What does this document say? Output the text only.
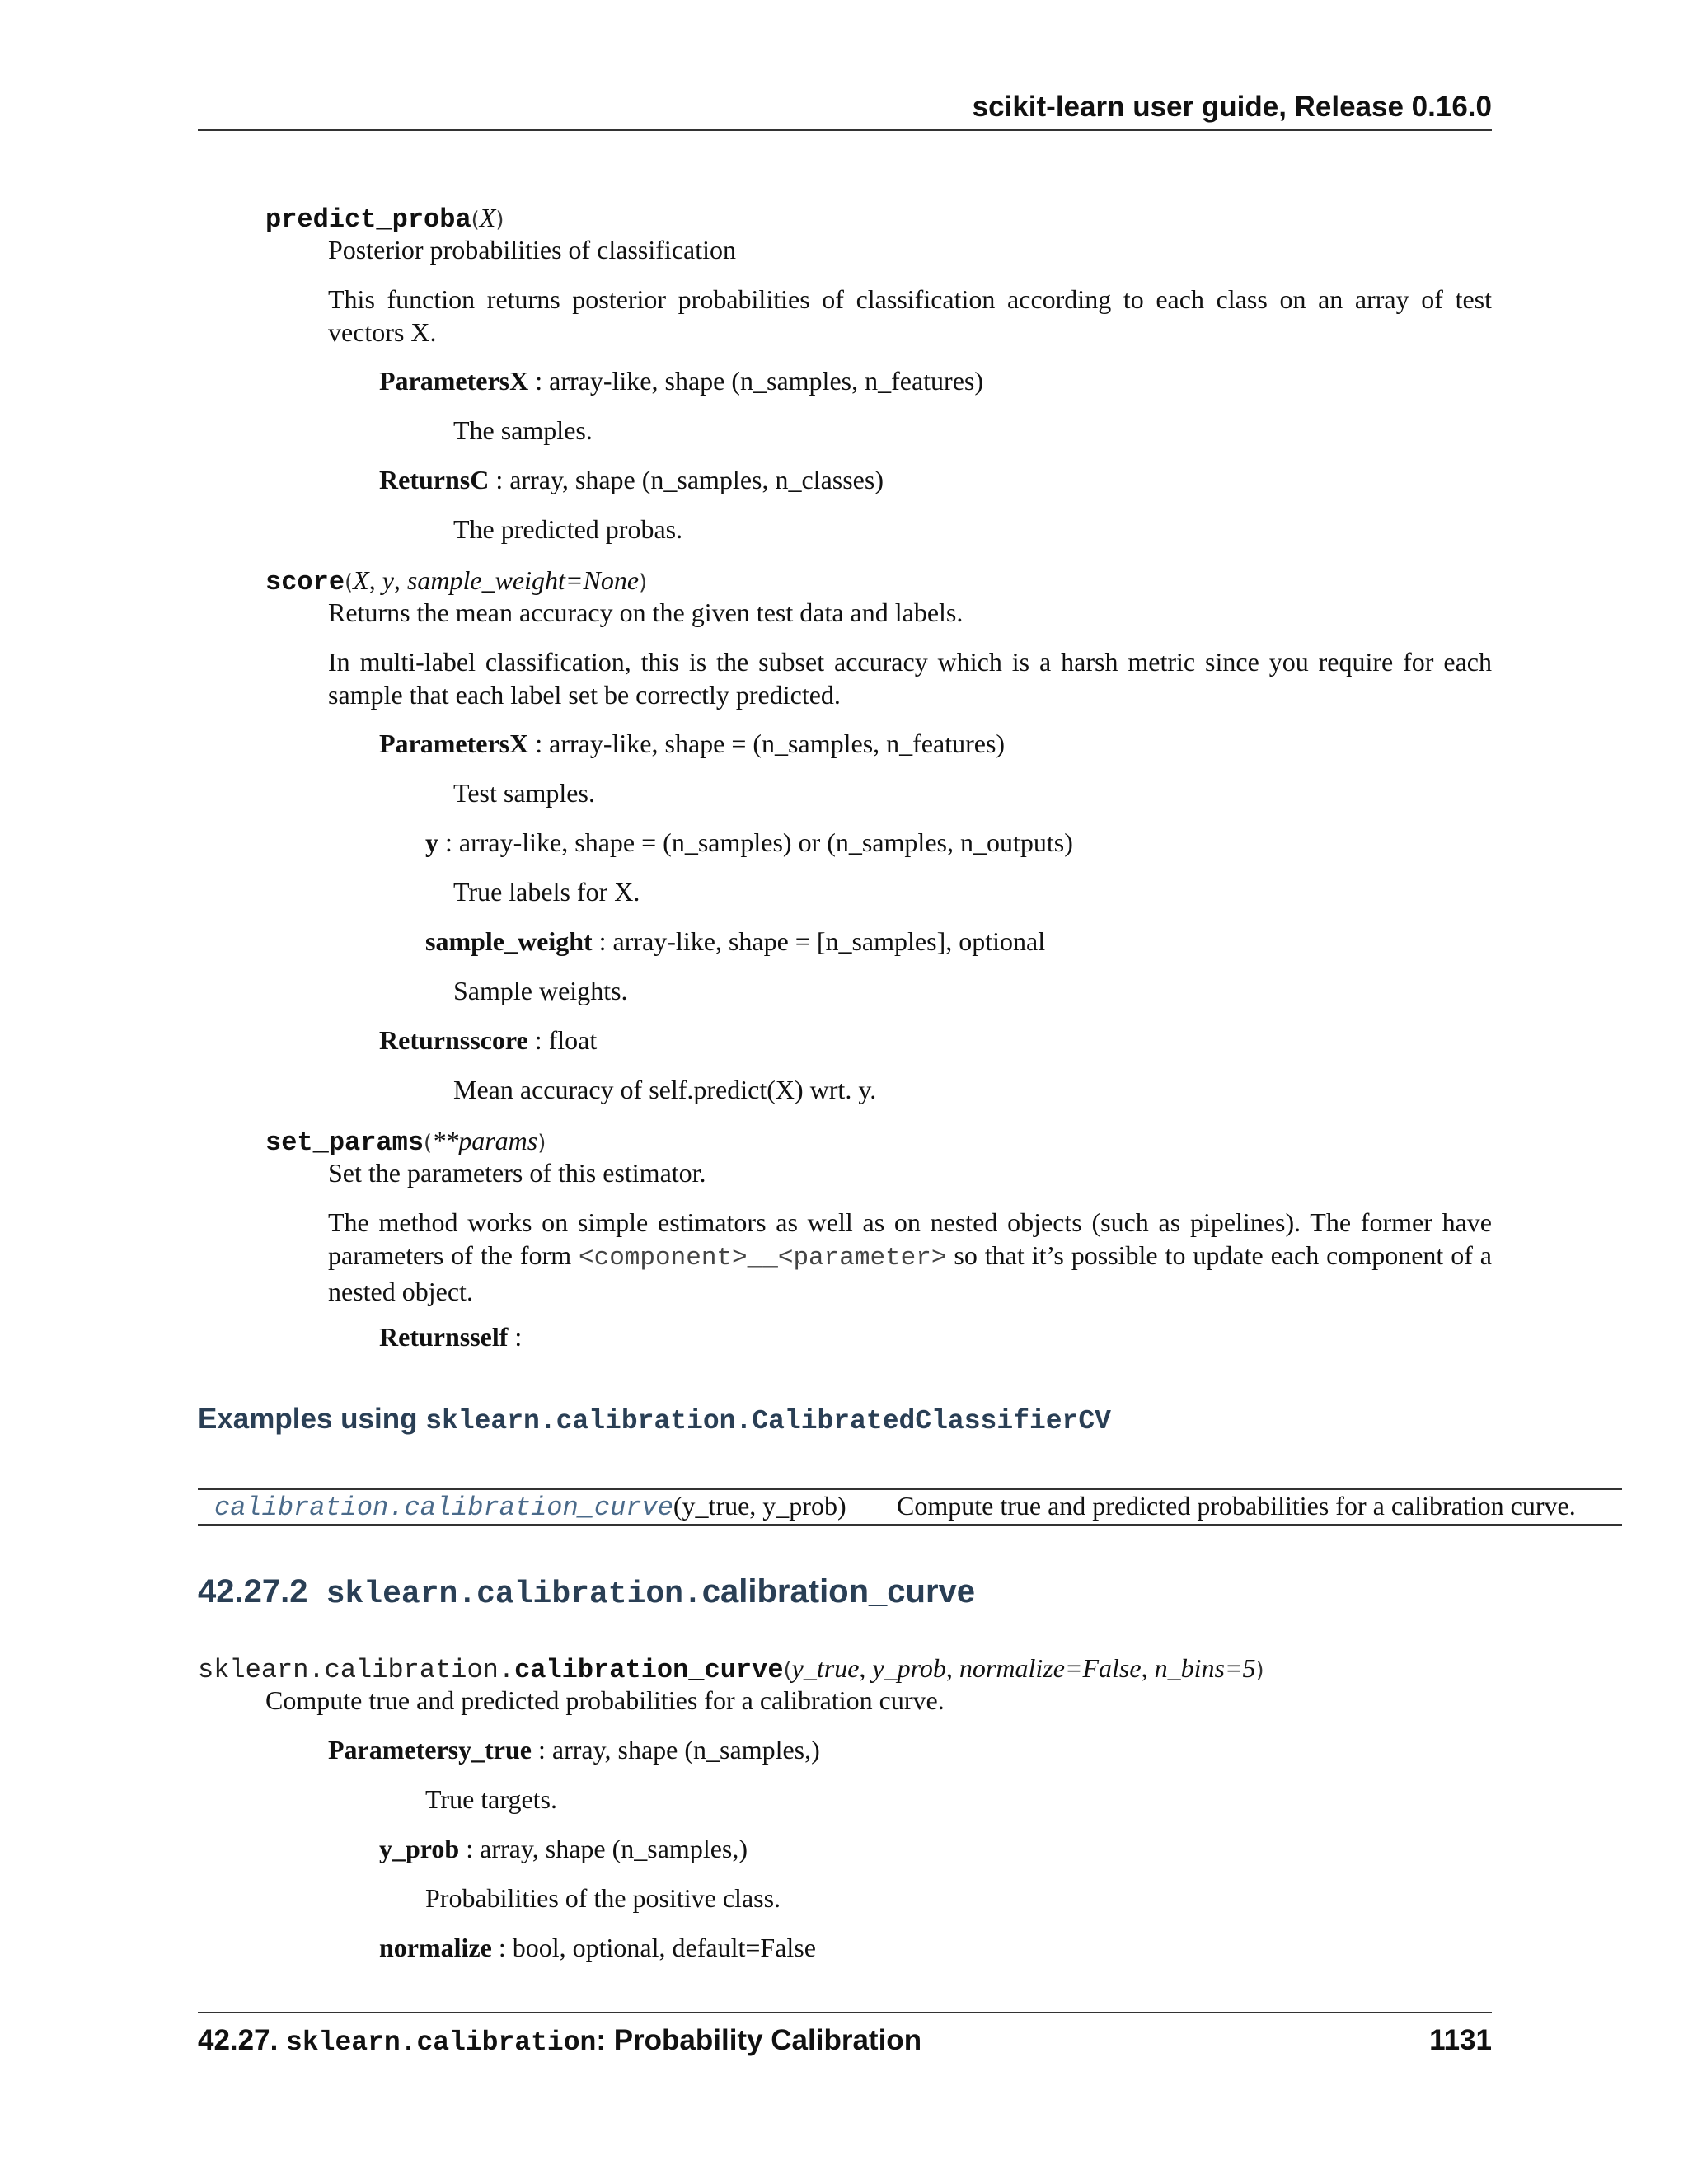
scikit-learn user guide, Release 0.16.0
predict_proba(X)
Posterior probabilities of classification
This function returns posterior probabilities of classification according to each class on an array of test vectors X.
ParametersX : array-like, shape (n_samples, n_features)
The samples.
ReturnsC : array, shape (n_samples, n_classes)
The predicted probas.
score(X, y, sample_weight=None)
Returns the mean accuracy on the given test data and labels.
In multi-label classification, this is the subset accuracy which is a harsh metric since you require for each sample that each label set be correctly predicted.
ParametersX : array-like, shape = (n_samples, n_features)
Test samples.
y : array-like, shape = (n_samples) or (n_samples, n_outputs)
True labels for X.
sample_weight : array-like, shape = [n_samples], optional
Sample weights.
Returnsscore : float
Mean accuracy of self.predict(X) wrt. y.
set_params(**params)
Set the parameters of this estimator.
The method works on simple estimators as well as on nested objects (such as pipelines). The former have parameters of the form <component>__<parameter> so that it’s possible to update each component of a nested object.
Returnsself :
Examples using sklearn.calibration.CalibratedClassifierCV
calibration.calibration_curve(y_true, y_prob) Compute true and predicted probabilities for a calibration curve.
42.27.2 sklearn.calibration.calibration_curve
sklearn.calibration.calibration_curve(y_true, y_prob, normalize=False, n_bins=5)
Compute true and predicted probabilities for a calibration curve.
Parametersy_true : array, shape (n_samples,)
True targets.
y_prob : array, shape (n_samples,)
Probabilities of the positive class.
normalize : bool, optional, default=False
42.27. sklearn.calibration: Probability Calibration	1131
